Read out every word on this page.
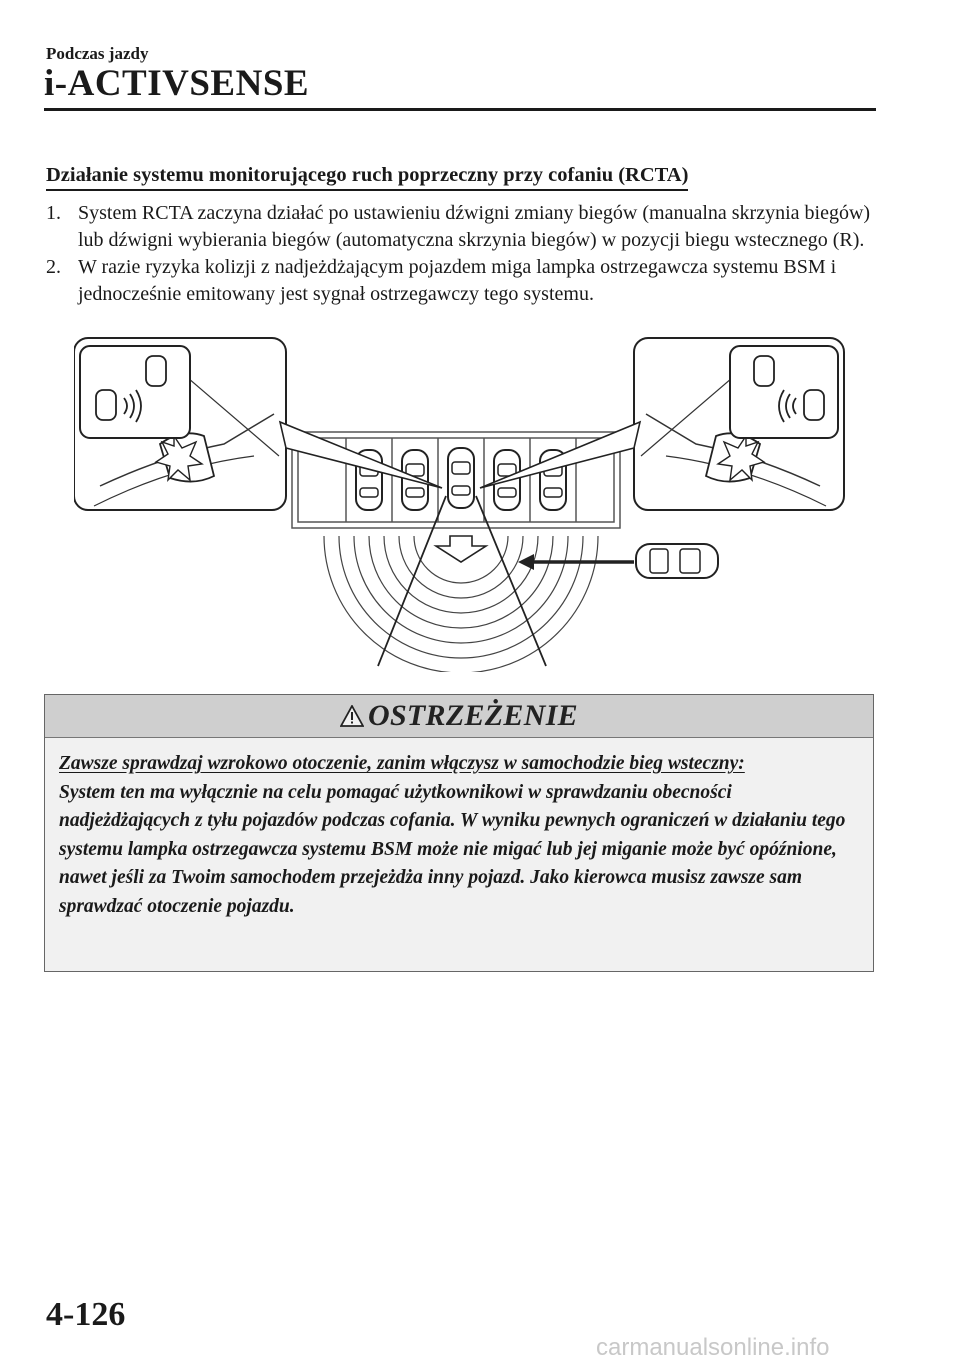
Podczas jazdy
i-ACTIVSENSE
Działanie systemu monitorującego ruch poprzeczny przy cofaniu (RCTA)
1. System RCTA zaczyna działać po ustawieniu dźwigni zmiany biegów (manualna skrzynia biegów) lub dźwigni wybierania biegów (automatyczna skrzynia biegów) w pozycji biegu wstecznego (R).
2. W razie ryzyka kolizji z nadjeżdżającym pojazdem miga lampka ostrzegawcza systemu BSM i jednocześnie emitowany jest sygnał ostrzegawczy tego systemu.
OSTRZEŻENIE
Zawsze sprawdzaj wzrokowo otoczenie, zanim włączysz w samochodzie bieg wsteczny:
System ten ma wyłącznie na celu pomagać użytkownikowi w sprawdzaniu obecności nadjeżdżających z tyłu pojazdów podczas cofania. W wyniku pewnych ograniczeń w działaniu tego systemu lampka ostrzegawcza systemu BSM może nie migać lub jej miganie może być opóźnione, nawet jeśli za Twoim samochodem przejeżdża inny pojazd. Jako kierowca musisz zawsze sam sprawdzać otoczenie pojazdu.
4-126
carmanualsonline.info
